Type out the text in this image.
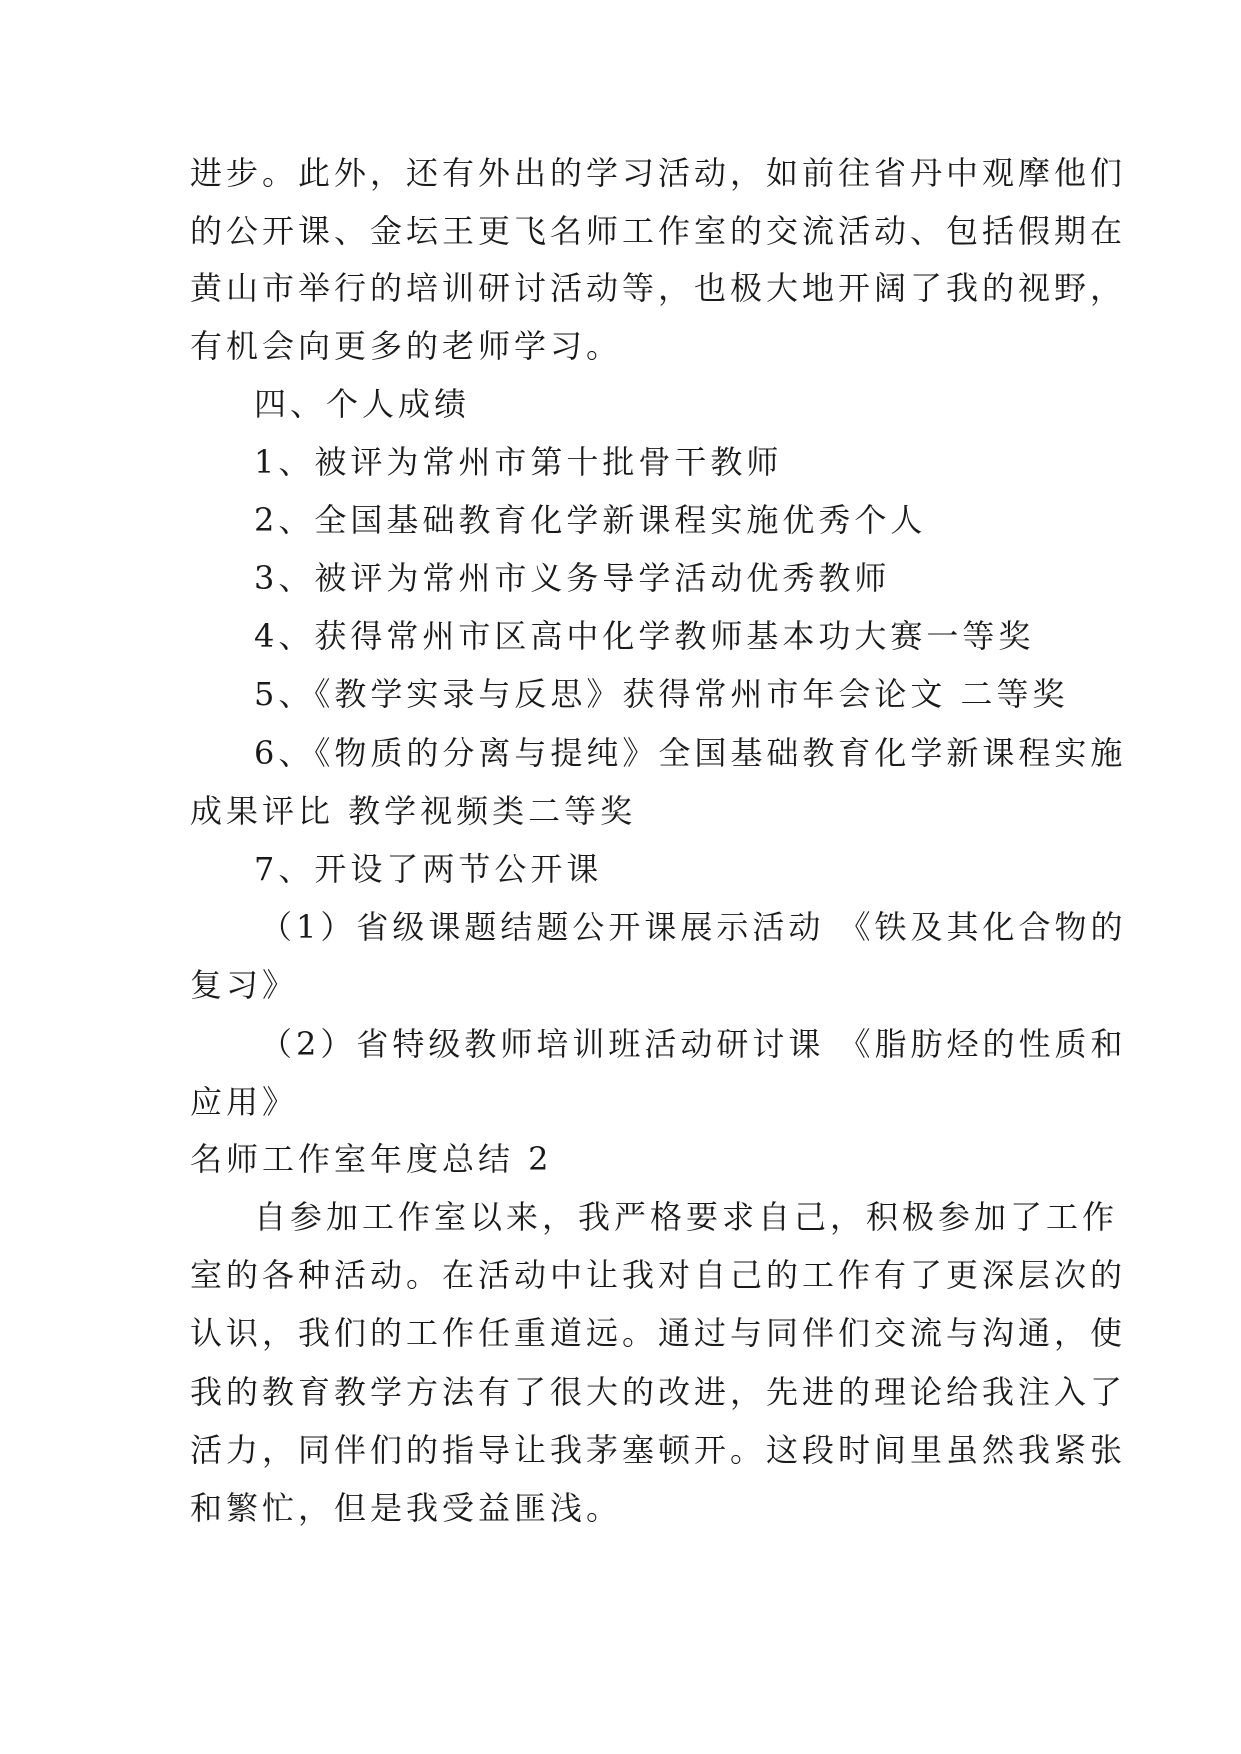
进步。此外，还有外出的学习活动，如前往省丹中观摩他们
的公开课、金坛王更飞名师工作室的交流活动、包括假期在
黄山市举行的培训研讨活动等，也极大地开阔了我的视野，
有机会向更多的老师学习。
四、个人成绩
1、被评为常州市第十批骨干教师
2、全国基础教育化学新课程实施优秀个人
3、被评为常州市义务导学活动优秀教师
4、获得常州市区高中化学教师基本功大赛一等奖
5、《教学实录与反思》获得常州市年会论文 二等奖
6、《物质的分离与提纯》全国基础教育化学新课程实施
成果评比 教学视频类二等奖
7、开设了两节公开课
（1）省级课题结题公开课展示活动 《铁及其化合物的
复习》
（2）省特级教师培训班活动研讨课 《脂肪烃的性质和
应用》
名师工作室年度总结 2
自参加工作室以来，我严格要求自己，积极参加了工作
室的各种活动。在活动中让我对自己的工作有了更深层次的
认识，我们的工作任重道远。通过与同伴们交流与沟通，使
我的教育教学方法有了很大的改进，先进的理论给我注入了
活力，同伴们的指导让我茅塞顿开。这段时间里虽然我紧张
和繁忙，但是我受益匪浅。
